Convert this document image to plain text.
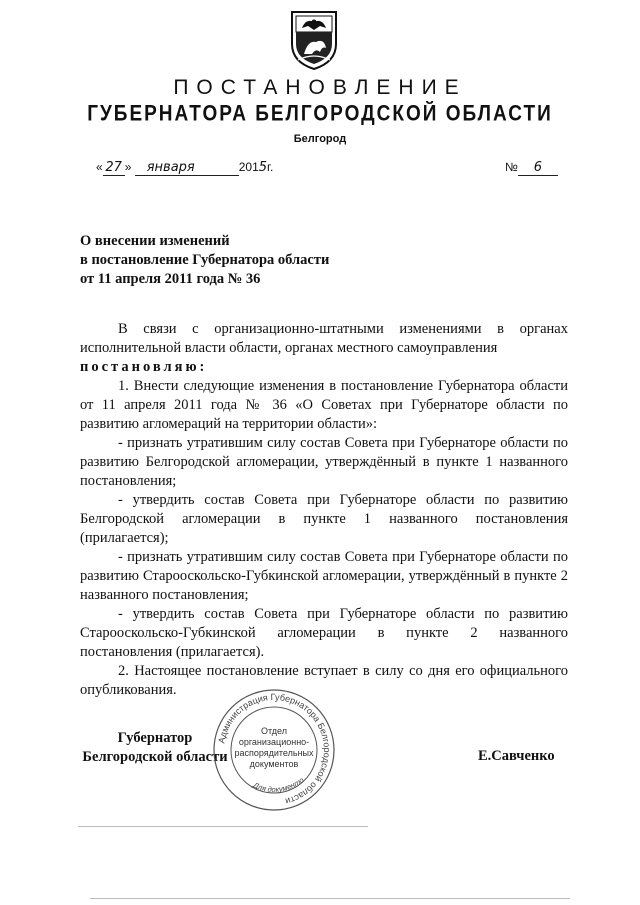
ПОСТАНОВЛЕНИЕ
ГУБЕРНАТОРА БЕЛГОРОДСКОЙ ОБЛАСТИ
Белгород
« 27 » января	2015г.	№ 6
О внесении изменений
в постановление Губернатора области
от 11 апреля 2011 года № 36

В связи с организационно-штатными изменениями в органах исполнительной власти области, органах местного самоуправления

постановляю:

1. Внести следующие изменения в постановление Губернатора области от 11 апреля 2011 года № 36 «О Советах при Губернаторе области по развитию агломераций на территории области»:

- признать утратившим силу состав Совета при Губернаторе области по развитию Белгородской агломерации, утверждённый в пункте 1 названного постановления;

- утвердить состав Совета при Губернаторе области по развитию Белгородской агломерации в пункте 1 названного постановления (прилагается);

- признать утратившим силу состав Совета при Губернаторе области по развитию Старооскольско-Губкинской агломерации, утверждённый в пункте 2 названного постановления;

- утвердить состав Совета при Губернаторе области по развитию Старооскольско-Губкинской агломерации в пункте 2 названного постановления (прилагается).

2. Настоящее постановление вступает в силу со дня его официального опубликования.

Губернатор
Белгородской области
Администрация Губернатора Белгородской области
Для документо
Отдел
организационно-
распорядительных
документов	Е.Савченко
